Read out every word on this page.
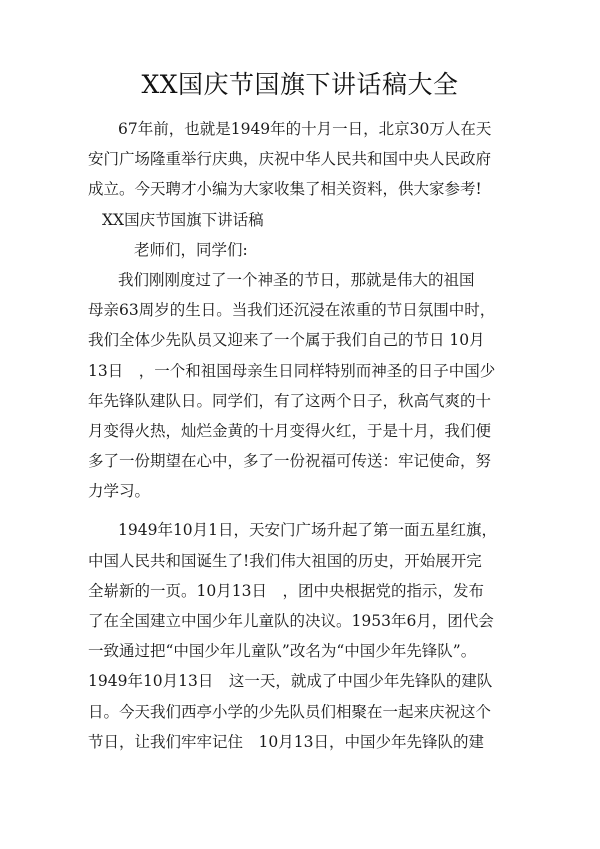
XX国庆节国旗下讲话稿大全
67年前，也就是1949年的十月一日，北京30万人在天
安门广场隆重举行庆典，庆祝中华人民共和国中央人民政府
成立。今天聘才小编为大家收集了相关资料，供大家参考!
XX国庆节国旗下讲话稿
老师们，同学们:
我们刚刚度过了一个神圣的节日，那就是伟大的祖国
母亲63周岁的生日。当我们还沉浸在浓重的节日氛围中时，
我们全体少先队员又迎来了一个属于我们自己的节日 10月
13日　，一个和祖国母亲生日同样特别而神圣的日子中国少
年先锋队建队日。同学们，有了这两个日子，秋高气爽的十
月变得火热，灿烂金黄的十月变得火红，于是十月，我们便
多了一份期望在心中，多了一份祝福可传送：牢记使命，努
力学习。
1949年10月1日，天安门广场升起了第一面五星红旗，
中国人民共和国诞生了!我们伟大祖国的历史，开始展开完
全崭新的一页。10月13日　，团中央根据党的指示，发布
了在全国建立中国少年儿童队的决议。1953年6月，团代会
一致通过把“中国少年儿童队”改名为“中国少年先锋队”。
1949年10月13日　这一天，就成了中国少年先锋队的建队
日。今天我们西亭小学的少先队员们相聚在一起来庆祝这个
节日，让我们牢牢记住　10月13日，中国少年先锋队的建
